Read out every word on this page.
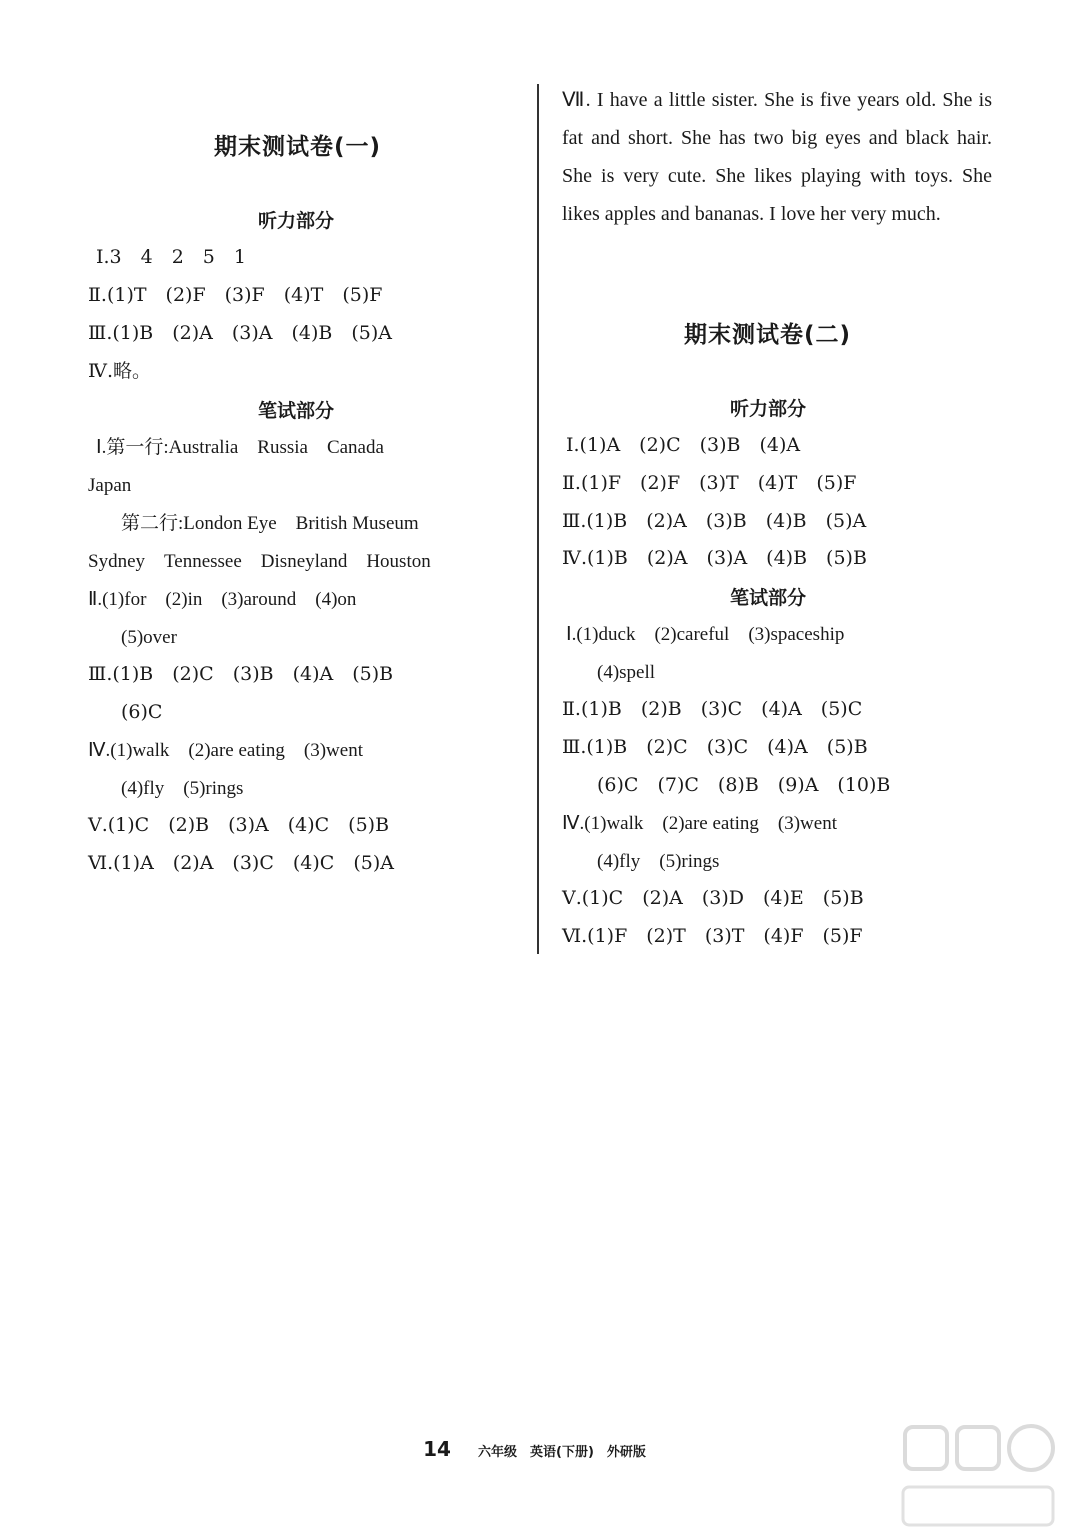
期末测试卷(一)
听力部分
Ⅰ.3　4　2　5　1
Ⅱ.(1)T　(2)F　(3)F　(4)T　(5)F
Ⅲ.(1)B　(2)A　(3)A　(4)B　(5)A
Ⅳ.略。
笔试部分
Ⅰ.第一行:Australia　Russia　Canada
Japan
　第二行:London Eye　British Museum
Sydney　Tennessee　Disneyland　Houston
Ⅱ.(1)for　(2)in　(3)around　(4)on
　(5)over
Ⅲ.(1)B　(2)C　(3)B　(4)A　(5)B
　(6)C
Ⅳ.(1)walk　(2)are eating　(3)went
　(4)fly　(5)rings
Ⅴ.(1)C　(2)B　(3)A　(4)C　(5)B
Ⅵ.(1)A　(2)A　(3)C　(4)C　(5)A
Ⅶ. I have a little sister. She is five years old. She is fat and short. She has two big eyes and black hair. She is very cute. She likes playing with toys. She likes apples and bananas. I love her very much.
期末测试卷(二)
听力部分
Ⅰ.(1)A　(2)C　(3)B　(4)A
Ⅱ.(1)F　(2)F　(3)T　(4)T　(5)F
Ⅲ.(1)B　(2)A　(3)B　(4)B　(5)A
Ⅳ.(1)B　(2)A　(3)A　(4)B　(5)B
笔试部分
Ⅰ.(1)duck　(2)careful　(3)spaceship
　(4)spell
Ⅱ.(1)B　(2)B　(3)C　(4)A　(5)C
Ⅲ.(1)B　(2)C　(3)C　(4)A　(5)B
　(6)C　(7)C　(8)B　(9)A　(10)B
Ⅳ.(1)walk　(2)are eating　(3)went
　(4)fly　(5)rings
Ⅴ.(1)C　(2)A　(3)D　(4)E　(5)B
Ⅵ.(1)F　(2)T　(3)T　(4)F　(5)F
14 六年级　英语(下册)　外研版
